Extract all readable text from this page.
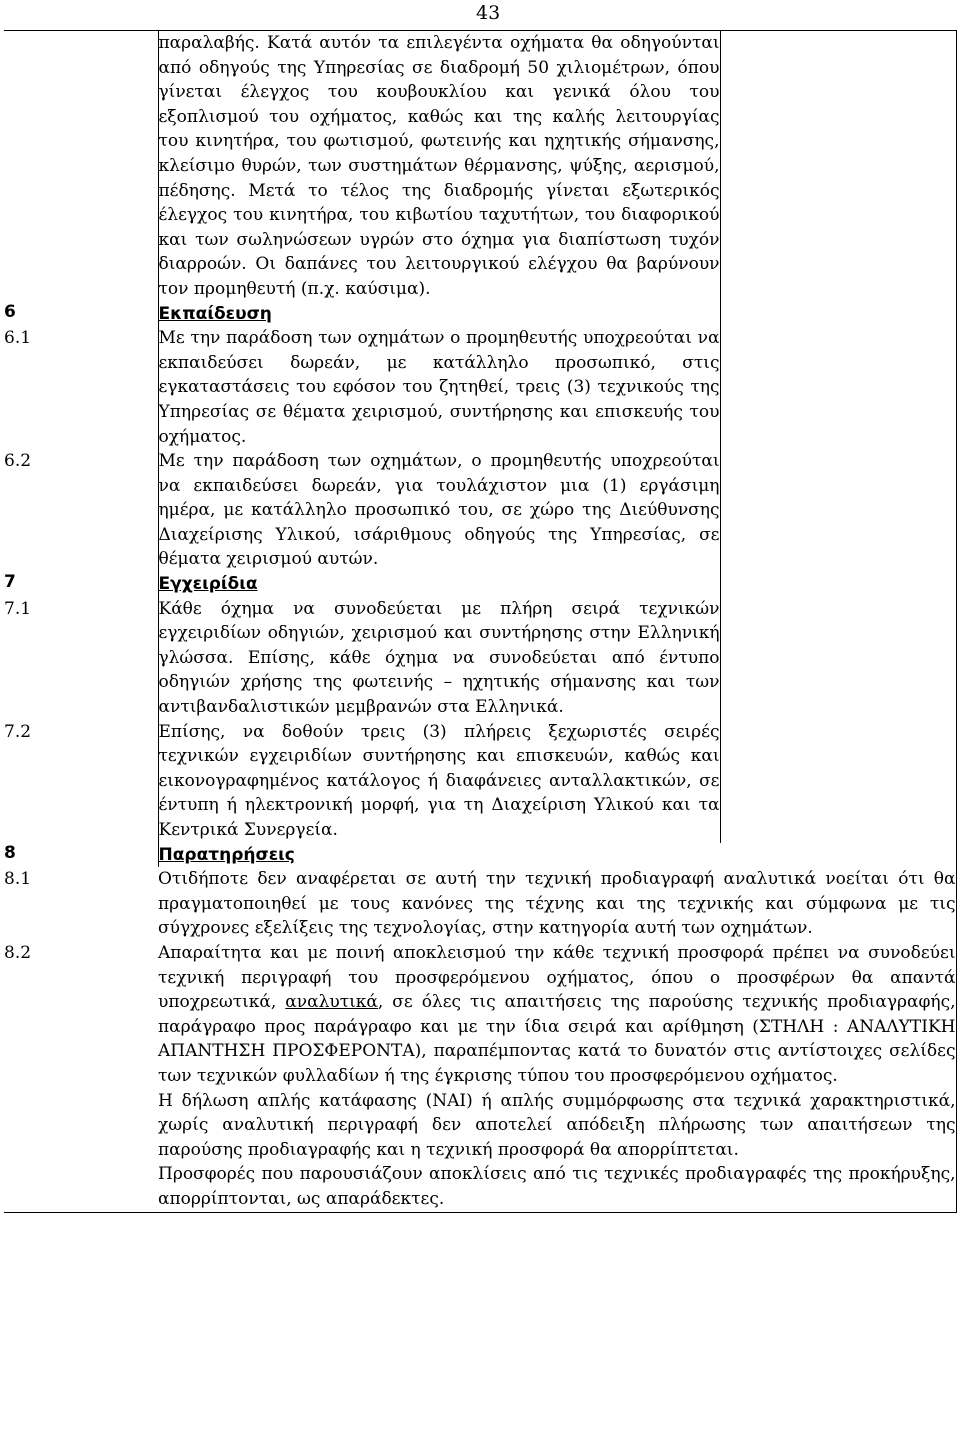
43
	παραλαβής. Κατά αυτόν τα επιλεγέντα οχήματα θα οδηγούνται από οδηγούς της Υπηρεσίας σε διαδρομή 50 χιλιομέτρων, όπου γίνεται έλεγχος του κουβουκλίου και γενικά όλου του εξοπλισμού του οχήματος, καθώς και της καλής λειτουργίας του κινητήρα, του φωτισμού, φωτεινής και ηχητικής σήμανσης, κλείσιμο θυρών, των συστημάτων θέρμανσης, ψύξης, αερισμού, πέδησης. Μετά το τέλος της διαδρομής γίνεται εξωτερικός έλεγχος του κινητήρα, του κιβωτίου ταχυτήτων, του διαφορικού και των σωληνώσεων υγρών στο όχημα για διαπίστωση τυχόν διαρροών. Οι δαπάνες του λειτουργικού ελέγχου θα βαρύνουν τον προμηθευτή (π.χ. καύσιμα).	
6	Εκπαίδευση	
6.1	Με την παράδοση των οχημάτων ο προμηθευτής υποχρεούται να εκπαιδεύσει δωρεάν, με κατάλληλο προσωπικό, στις εγκαταστάσεις του εφόσον του ζητηθεί, τρεις (3) τεχνικούς της Υπηρεσίας σε θέματα χειρισμού, συντήρησης και επισκευής του οχήματος.	
6.2	Με την παράδοση των οχημάτων, ο προμηθευτής υποχρεούται να εκπαιδεύσει δωρεάν, για τουλάχιστον μια (1) εργάσιμη ημέρα, με κατάλληλο προσωπικό του, σε χώρο της Διεύθυνσης Διαχείρισης Υλικού, ισάριθμους οδηγούς της Υπηρεσίας, σε θέματα χειρισμού αυτών.	
7	Εγχειρίδια	
7.1	Κάθε όχημα να συνοδεύεται με πλήρη σειρά τεχνικών εγχειριδίων οδηγιών, χειρισμού και συντήρησης στην Ελληνική γλώσσα. Επίσης, κάθε όχημα να συνοδεύεται από έντυπο οδηγιών χρήσης της φωτεινής – ηχητικής σήμανσης και των αντιβανδαλιστικών μεμβρανών στα Ελληνικά.	
7.2	Επίσης, να δοθούν τρεις (3) πλήρεις ξεχωριστές σειρές τεχνικών εγχειριδίων συντήρησης και επισκευών, καθώς και εικονογραφημένος κατάλογος ή διαφάνειες ανταλλακτικών, σε έντυπη ή ηλεκτρονική μορφή, για τη Διαχείριση Υλικού και τα Κεντρικά Συνεργεία.	
8	Παρατηρήσεις	
8.1	Οτιδήποτε δεν αναφέρεται σε αυτή την τεχνική προδιαγραφή αναλυτικά νοείται ότι θα πραγματοποιηθεί με τους κανόνες της τέχνης και της τεχνικής και σύμφωνα με τις σύγχρονες εξελίξεις της τεχνολογίας, στην κατηγορία αυτή των οχημάτων.	
8.2	Απαραίτητα και με ποινή αποκλεισμού την κάθε τεχνική προσφορά πρέπει να συνοδεύει τεχνική περιγραφή του προσφερόμενου οχήματος, όπου ο προσφέρων θα απαντά υποχρεωτικά, αναλυτικά, σε όλες τις απαιτήσεις της παρούσης τεχνικής προδιαγραφής, παράγραφο προς παράγραφο και με την ίδια σειρά και αρίθμηση (ΣΤΗΛΗ : ΑΝΑΛΥΤΙΚΗ ΑΠΑΝΤΗΣΗ ΠΡΟΣΦΕΡΟΝΤΑ), παραπέμποντας κατά το δυνατόν στις αντίστοιχες σελίδες των τεχνικών φυλλαδίων ή της έγκρισης τύπου του προσφερόμενου οχήματος.
Η δήλωση απλής κατάφασης (ΝΑΙ) ή απλής συμμόρφωσης στα τεχνικά χαρακτηριστικά, χωρίς αναλυτική περιγραφή δεν αποτελεί απόδειξη πλήρωσης των απαιτήσεων της παρούσης προδιαγραφής και η τεχνική προσφορά θα απορρίπτεται.
Προσφορές που παρουσιάζουν αποκλίσεις από τις τεχνικές προδιαγραφές της προκήρυξης, απορρίπτονται, ως απαράδεκτες.	
